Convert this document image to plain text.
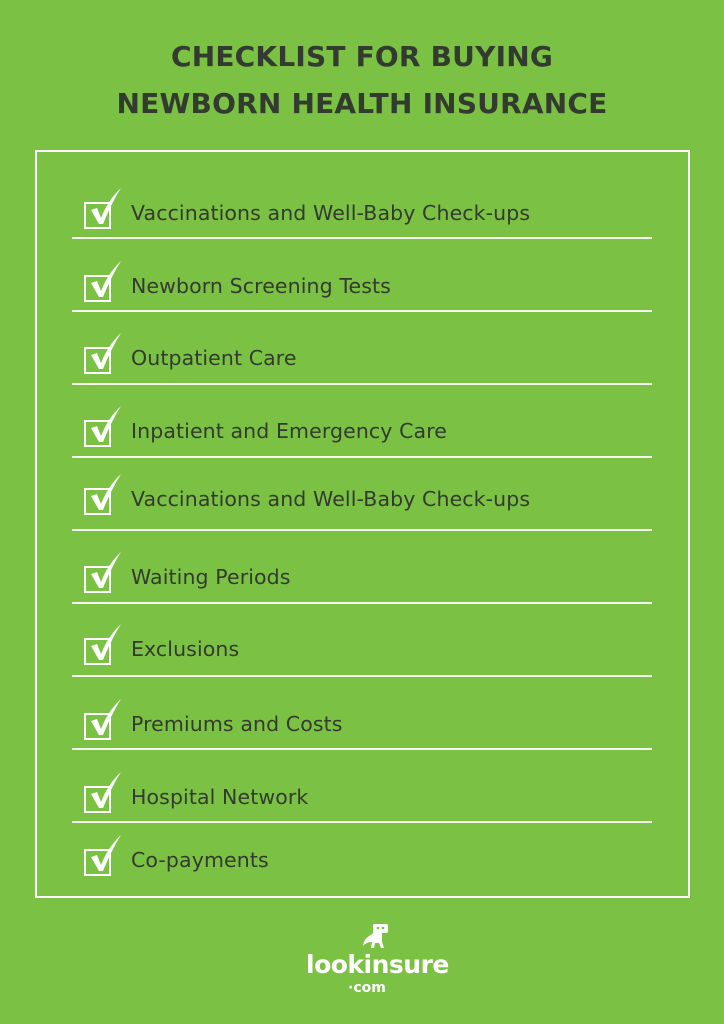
CHECKLIST FOR BUYING
NEWBORN HEALTH INSURANCE
Vaccinations and Well-Baby Check-ups
Newborn Screening Tests
Outpatient Care
Inpatient and Emergency Care
Vaccinations and Well-Baby Check-ups
Waiting Periods
Exclusions
Premiums and Costs
Hospital Network
Co-payments
lookinsure
·com
